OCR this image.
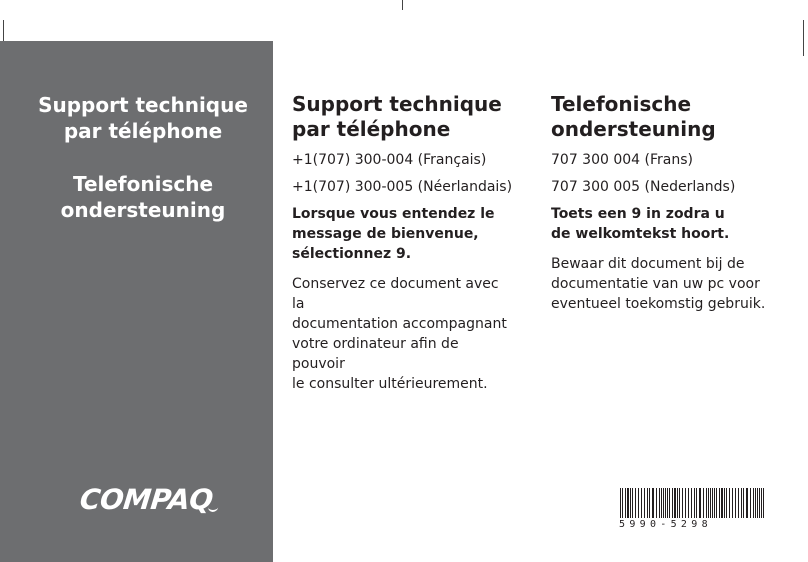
Support technique
par téléphone
Telefonische
ondersteuning
COMPAQ
Support technique
par téléphone

+1(707) 300-004 (Français)

+1(707) 300-005 (Néerlandais)

Lorsque vous entendez le
message de bienvenue,
sélectionnez 9.

Conservez ce document avec la
documentation accompagnant
votre ordinateur afin de pouvoir
le consulter ultérieurement.

Telefonische
ondersteuning

707 300 004 (Frans)

707 300 005 (Nederlands)

Toets een 9 in zodra u
de welkomtekst hoort.

Bewaar dit document bij de
documentatie van uw pc voor
eventueel toekomstig gebruik.

5990-5298
